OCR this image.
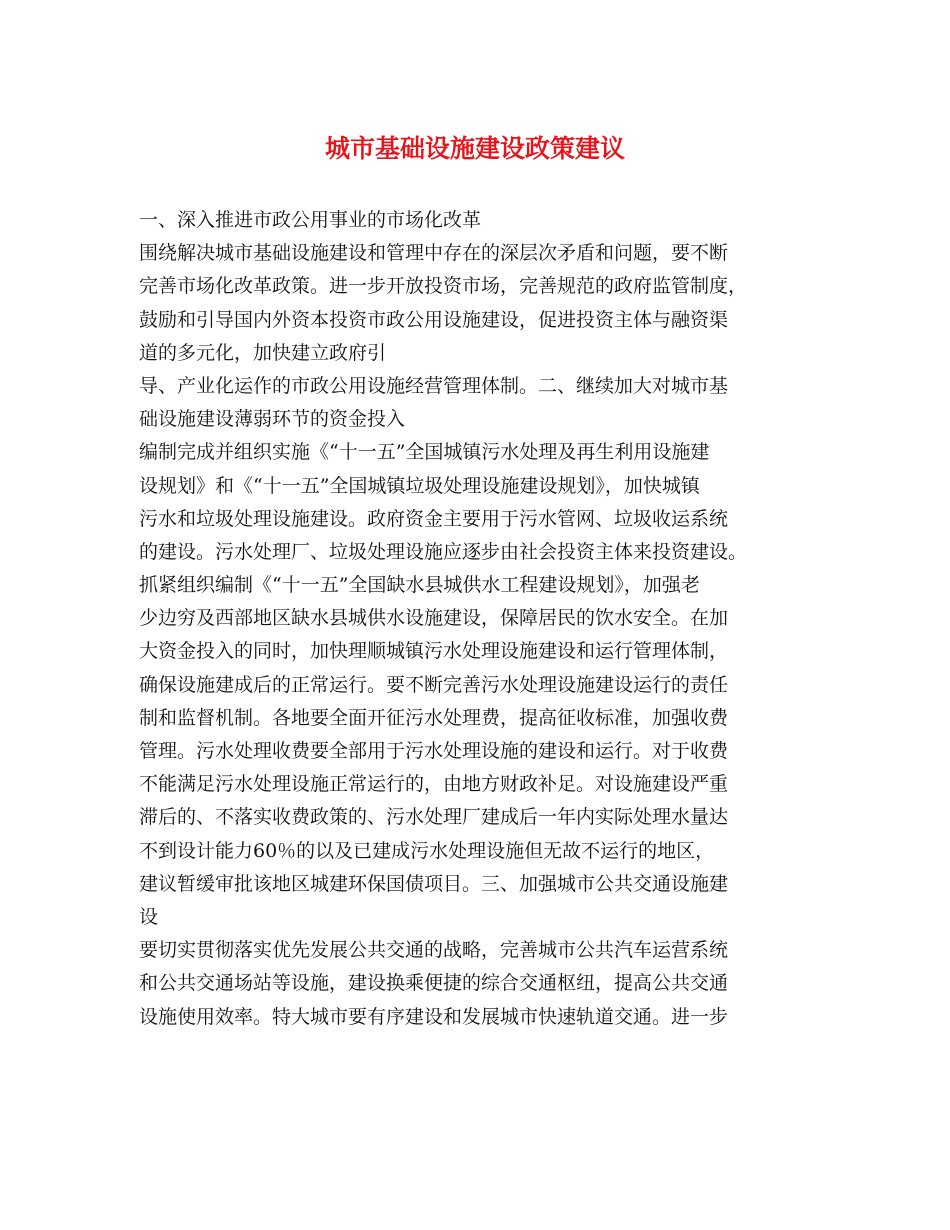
城市基础设施建设政策建议

一、深入推进市政公用事业的市场化改革

围绕解决城市基础设施建设和管理中存在的深层次矛盾和问题，要不断

完善市场化改革政策。进一步开放投资市场，完善规范的政府监管制度，

鼓励和引导国内外资本投资市政公用设施建设，促进投资主体与融资渠

道的多元化，加快建立政府引

导、产业化运作的市政公用设施经营管理体制。二、继续加大对城市基

础设施建设薄弱环节的资金投入

编制完成并组织实施《“十一五”全国城镇污水处理及再生利用设施建

设规划》和《“十一五”全国城镇垃圾处理设施建设规划》，加快城镇

污水和垃圾处理设施建设。政府资金主要用于污水管网、垃圾收运系统

的建设。污水处理厂、垃圾处理设施应逐步由社会投资主体来投资建设。

抓紧组织编制《“十一五”全国缺水县城供水工程建设规划》，加强老

少边穷及西部地区缺水县城供水设施建设，保障居民的饮水安全。在加

大资金投入的同时，加快理顺城镇污水处理设施建设和运行管理体制，

确保设施建成后的正常运行。要不断完善污水处理设施建设运行的责任

制和监督机制。各地要全面开征污水处理费，提高征收标准，加强收费

管理。污水处理收费要全部用于污水处理设施的建设和运行。对于收费

不能满足污水处理设施正常运行的，由地方财政补足。对设施建设严重

滞后的、不落实收费政策的、污水处理厂建成后一年内实际处理水量达

不到设计能力60％的以及已建成污水处理设施但无故不运行的地区，

建议暂缓审批该地区城建环保国债项目。三、加强城市公共交通设施建

设

要切实贯彻落实优先发展公共交通的战略，完善城市公共汽车运营系统

和公共交通场站等设施，建设换乘便捷的综合交通枢纽，提高公共交通

设施使用效率。特大城市要有序建设和发展城市快速轨道交通。进一步
